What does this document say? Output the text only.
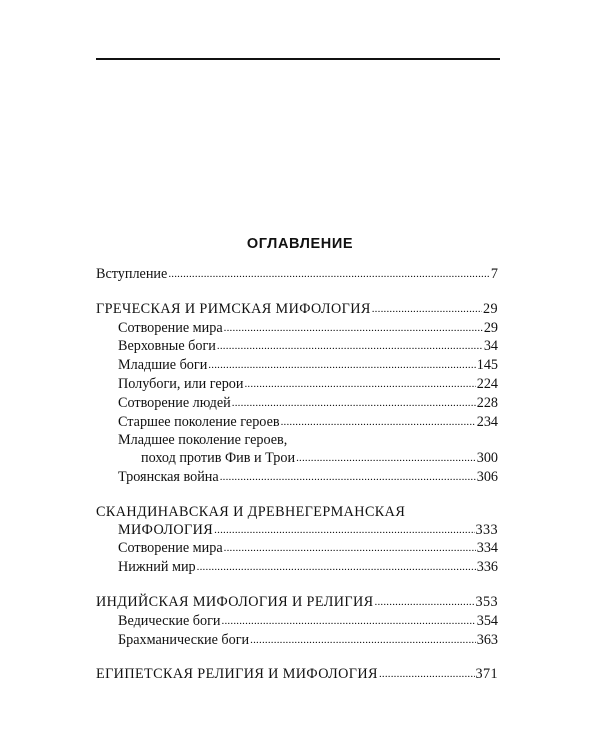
ОГЛАВЛЕНИЕ
Вступление .....	7
ГРЕЧЕСКАЯ И РИМСКАЯ МИФОЛОГИЯ .....	29
Сотворение мира .....	29
Верховные боги .....	34
Младшие боги .....	145
Полубоги, или герои .....	224
Сотворение людей .....	228
Старшее поколение героев .....	234
Младшее поколение героев,
поход против Фив и Трои .....	300
Троянская война .....	306
СКАНДИНАВСКАЯ И ДРЕВНЕГЕРМАНСКАЯ
МИФОЛОГИЯ .....	333
Сотворение мира .....	334
Нижний мир .....	336
ИНДИЙСКАЯ МИФОЛОГИЯ И РЕЛИГИЯ .....	353
Ведические боги .....	354
Брахманические боги .....	363
ЕГИПЕТСКАЯ РЕЛИГИЯ И МИФОЛОГИЯ .....	371
